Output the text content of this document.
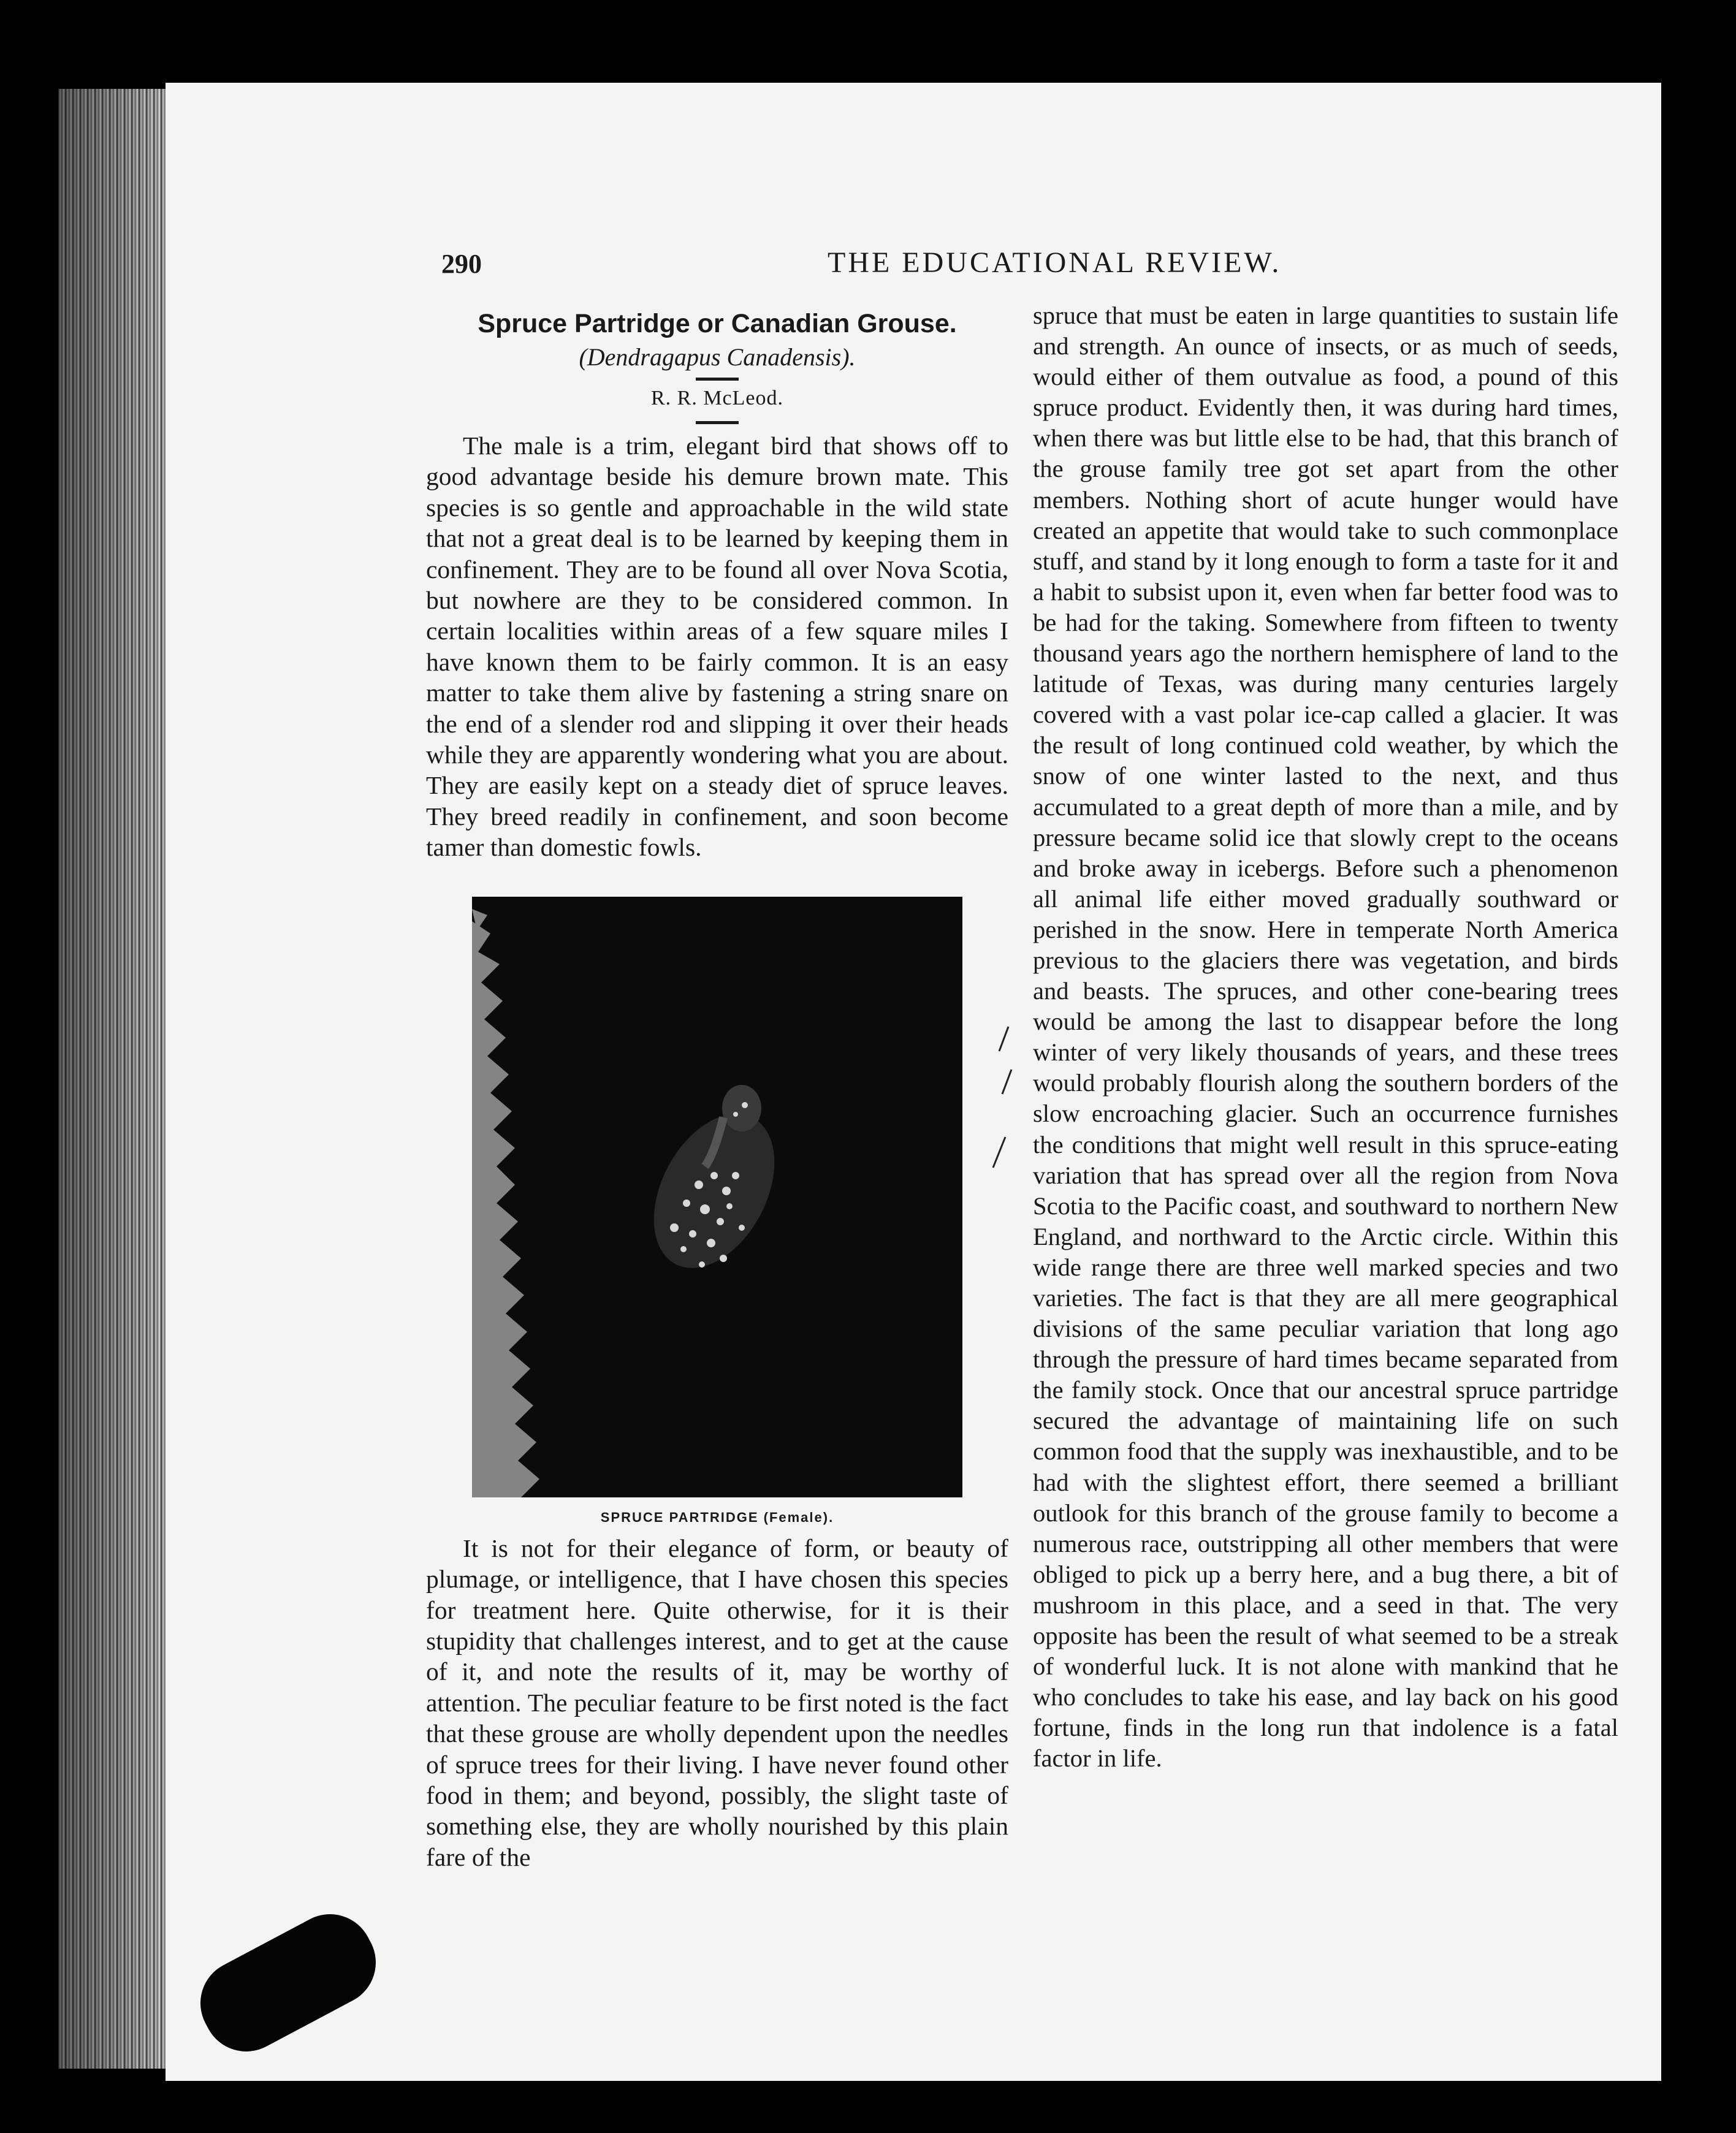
290	THE EDUCATIONAL REVIEW.
Spruce Partridge or Canadian Grouse.
(Dendragapus Canadensis).
R. R. McLeod.

The male is a trim, elegant bird that shows off to good advantage beside his demure brown mate. This species is so gentle and approachable in the wild state that not a great deal is to be learned by keeping them in confinement. They are to be found all over Nova Scotia, but nowhere are they to be considered common. In certain localities within areas of a few square miles I have known them to be fairly common. It is an easy matter to take them alive by fastening a string snare on the end of a slender rod and slipping it over their heads while they are apparently wondering what you are about. They are easily kept on a steady diet of spruce leaves. They breed readily in confinement, and soon become tamer than domestic fowls.

SPRUCE PARTRIDGE (Female).

It is not for their elegance of form, or beauty of plumage, or intelligence, that I have chosen this species for treatment here. Quite otherwise, for it is their stupidity that challenges interest, and to get at the cause of it, and note the results of it, may be worthy of attention. The peculiar feature to be first noted is the fact that these grouse are wholly dependent upon the needles of spruce trees for their living. I have never found other food in them; and beyond, possibly, the slight taste of something else, they are wholly nourished by this plain fare of the

spruce that must be eaten in large quantities to sustain life and strength. An ounce of insects, or as much of seeds, would either of them outvalue as food, a pound of this spruce product. Evidently then, it was during hard times, when there was but little else to be had, that this branch of the grouse family tree got set apart from the other members. Nothing short of acute hunger would have created an appetite that would take to such commonplace stuff, and stand by it long enough to form a taste for it and a habit to subsist upon it, even when far better food was to be had for the taking. Somewhere from fifteen to twenty thousand years ago the northern hemisphere of land to the latitude of Texas, was during many centuries largely covered with a vast polar ice-cap called a glacier. It was the result of long continued cold weather, by which the snow of one winter lasted to the next, and thus accumulated to a great depth of more than a mile, and by pressure became solid ice that slowly crept to the oceans and broke away in icebergs. Before such a phenomenon all animal life either moved gradually southward or perished in the snow. Here in temperate North America previous to the glaciers there was vegetation, and birds and beasts. The spruces, and other cone-bearing trees would be among the last to disappear before the long winter of very likely thousands of years, and these trees would probably flourish along the southern borders of the slow encroaching glacier. Such an occurrence furnishes the conditions that might well result in this spruce-eating variation that has spread over all the region from Nova Scotia to the Pacific coast, and southward to northern New England, and northward to the Arctic circle. Within this wide range there are three well marked species and two varieties. The fact is that they are all mere geographical divisions of the same peculiar variation that long ago through the pressure of hard times became separated from the family stock. Once that our ancestral spruce partridge secured the advantage of maintaining life on such common food that the supply was inexhaustible, and to be had with the slightest effort, there seemed a brilliant outlook for this branch of the grouse family to become a numerous race, outstripping all other members that were obliged to pick up a berry here, and a bug there, a bit of mushroom in this place, and a seed in that. The very opposite has been the result of what seemed to be a streak of wonderful luck. It is not alone with mankind that he who concludes to take his ease, and lay back on his good fortune, finds in the long run that indolence is a fatal factor in life.
